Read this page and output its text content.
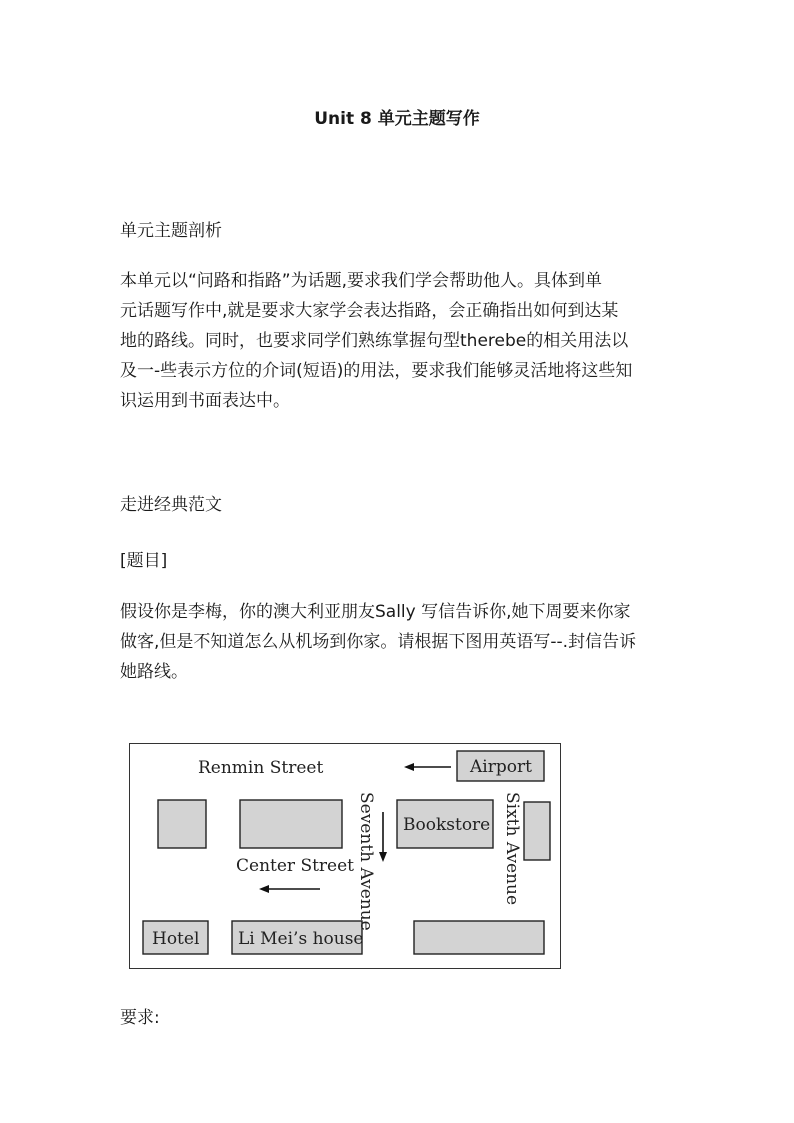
Unit 8 单元主题写作
单元主题剖析
本单元以“问路和指路”为话题,要求我们学会帮助他人。具体到单
元话题写作中,就是要求大家学会表达指路，会正确指出如何到达某
地的路线。同时，也要求同学们熟练掌握句型therebe的相关用法以
及一-些表示方位的介词(短语)的用法，要求我们能够灵活地将这些知
识运用到书面表达中。
走进经典范文
[题目]
假设你是李梅，你的澳大利亚朋友Sally 写信告诉你,她下周要来你家
做客,但是不知道怎么从机场到你家。请根据下图用英语写--.封信告诉
她路线。
Renmin Street	Airport
Bookstore
Center Street
Hotel Li Mei’s house
Seventh Avenue	Sixth Avenue
要求:
